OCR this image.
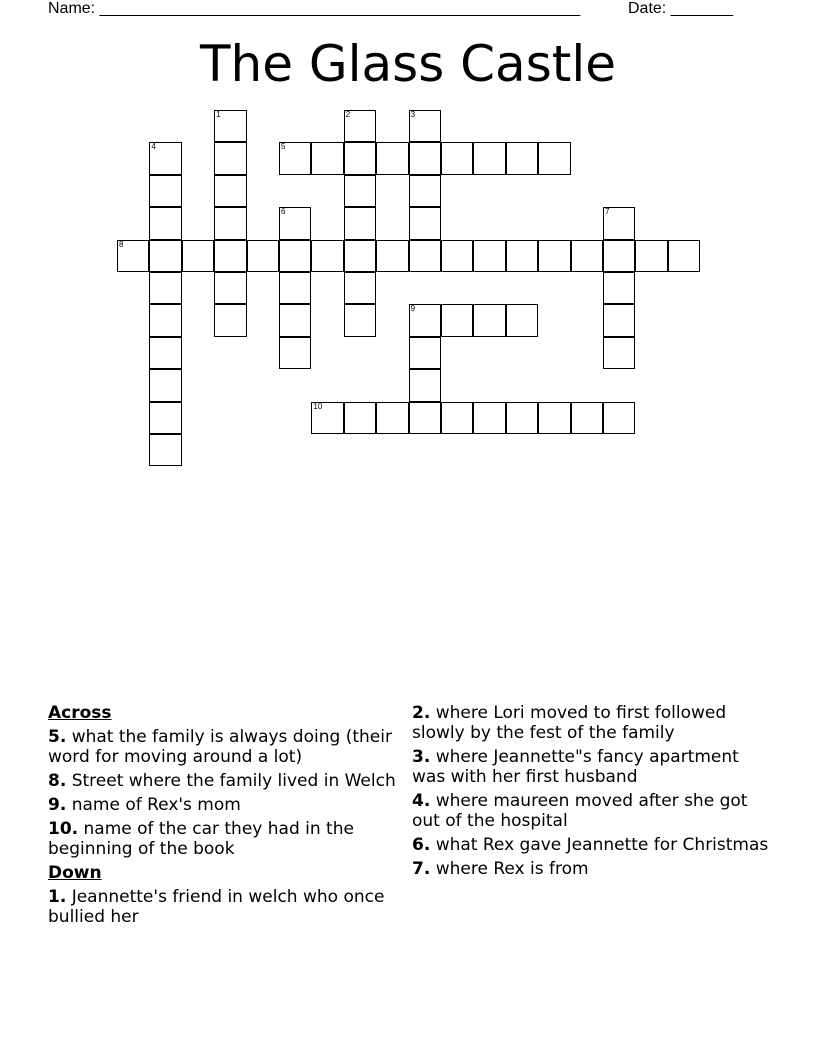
Name: ______________________________________________________	Date: _______
The Glass Castle
1	2	3
4	5
6	7
8
9
10
Across
5. what the family is always doing (their word for moving around a lot)
8. Street where the family lived in Welch
9. name of Rex's mom
10. name of the car they had in the beginning of the book
Down
1. Jeannette's friend in welch who once bullied her
2. where Lori moved to first followed slowly by the fest of the family
3. where Jeannette"s fancy apartment was with her first husband
4. where maureen moved after she got out of the hospital
6. what Rex gave Jeannette for Christmas
7. where Rex is from
